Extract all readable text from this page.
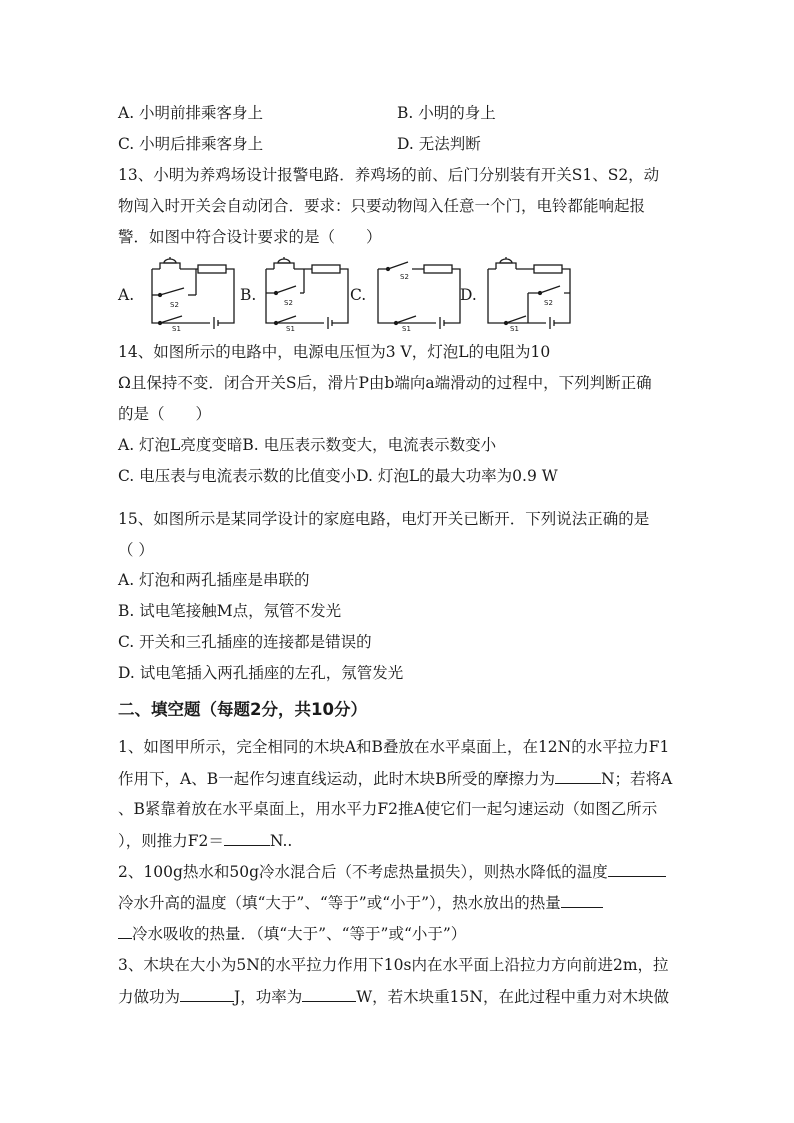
A. 小明前排乘客身上	B. 小明的身上
C. 小明后排乘客身上	D. 无法判断
13、小明为养鸡场设计报警电路．养鸡场的前、后门分别装有开关S1、S2，动
物闯入时开关会自动闭合．要求：只要动物闯入任意一个门，电铃都能响起报
警．如图中符合设计要求的是（　　）
A.	B.	C.	D.
S2
S1
S2
S1
S2
S1
S2
S1
14、如图所示的电路中，电源电压恒为3 V，灯泡L的电阻为10
Ω且保持不变．闭合开关S后，滑片P由b端向a端滑动的过程中，下列判断正确
的是（　　）
A. 灯泡L亮度变暗B. 电压表示数变大，电流表示数变小
C. 电压表与电流表示数的比值变小D. 灯泡L的最大功率为0.9 W
15、如图所示是某同学设计的家庭电路，电灯开关已断开．下列说法正确的是
（ ）
A. 灯泡和两孔插座是串联的
B. 试电笔接触M点，氖管不发光
C. 开关和三孔插座的连接都是错误的
D. 试电笔插入两孔插座的左孔，氖管发光
二、填空题（每题2分，共10分）
1、如图甲所示，完全相同的木块A和B叠放在水平桌面上，在12N的水平拉力F1
作用下，A、B一起作匀速直线运动，此时木块B所受的摩擦力为	N；若将A
、B紧靠着放在水平桌面上，用水平力F2推A使它们一起匀速运动（如图乙所示
），则推力F2＝	N..
2、100g热水和50g冷水混合后（不考虑热量损失），则热水降低的温度
冷水升高的温度（填“大于”、“等于”或“小于”），热水放出的热量
冷水吸收的热量．（填“大于”、“等于”或“小于”）
3、木块在大小为5N的水平拉力作用下10s内在水平面上沿拉力方向前进2m，拉
力做功为	J，功率为	W，若木块重15N，在此过程中重力对木块做
